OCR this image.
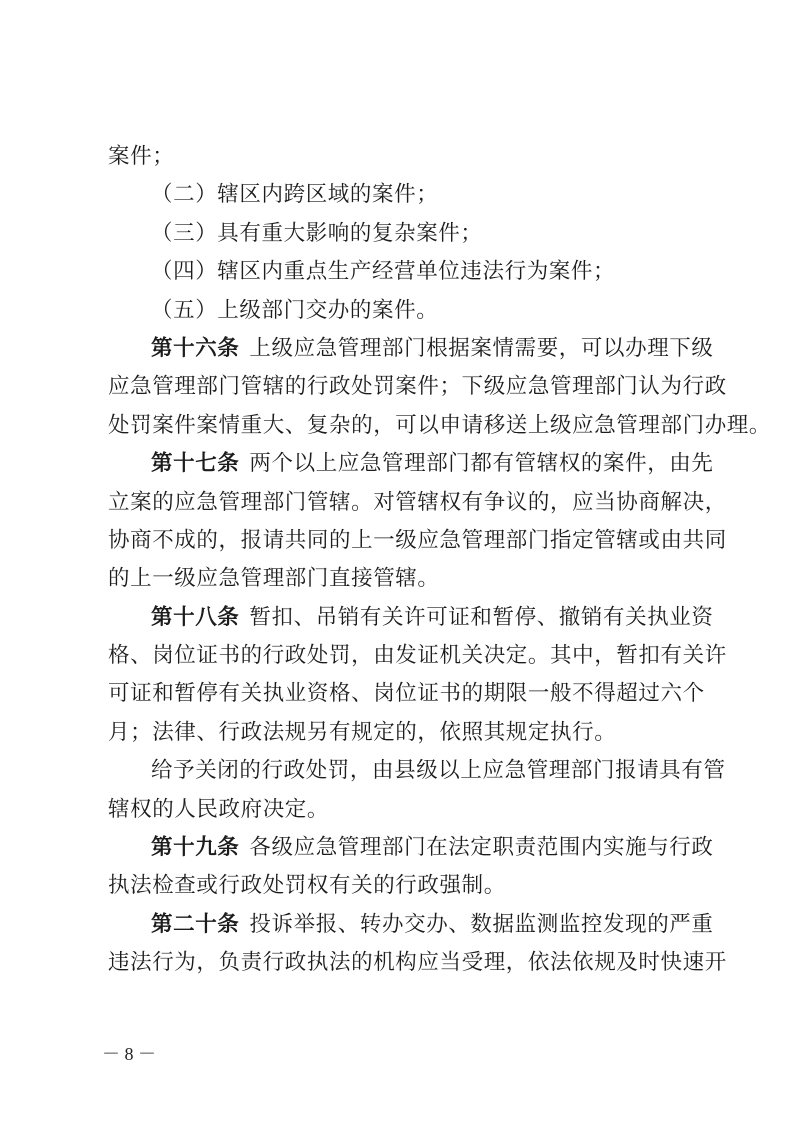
案件；
（二）辖区内跨区域的案件；
（三）具有重大影响的复杂案件；
（四）辖区内重点生产经营单位违法行为案件；
（五）上级部门交办的案件。
第十六条 上级应急管理部门根据案情需要，可以办理下级
应急管理部门管辖的行政处罚案件；下级应急管理部门认为行政
处罚案件案情重大、复杂的，可以申请移送上级应急管理部门办理。
第十七条 两个以上应急管理部门都有管辖权的案件，由先
立案的应急管理部门管辖。对管辖权有争议的，应当协商解决，
协商不成的，报请共同的上一级应急管理部门指定管辖或由共同
的上一级应急管理部门直接管辖。
第十八条 暂扣、吊销有关许可证和暂停、撤销有关执业资
格、岗位证书的行政处罚，由发证机关决定。其中，暂扣有关许
可证和暂停有关执业资格、岗位证书的期限一般不得超过六个
月；法律、行政法规另有规定的，依照其规定执行。
给予关闭的行政处罚，由县级以上应急管理部门报请具有管
辖权的人民政府决定。
第十九条 各级应急管理部门在法定职责范围内实施与行政
执法检查或行政处罚权有关的行政强制。
第二十条 投诉举报、转办交办、数据监测监控发现的严重
违法行为，负责行政执法的机构应当受理，依法依规及时快速开
－ 8 －
